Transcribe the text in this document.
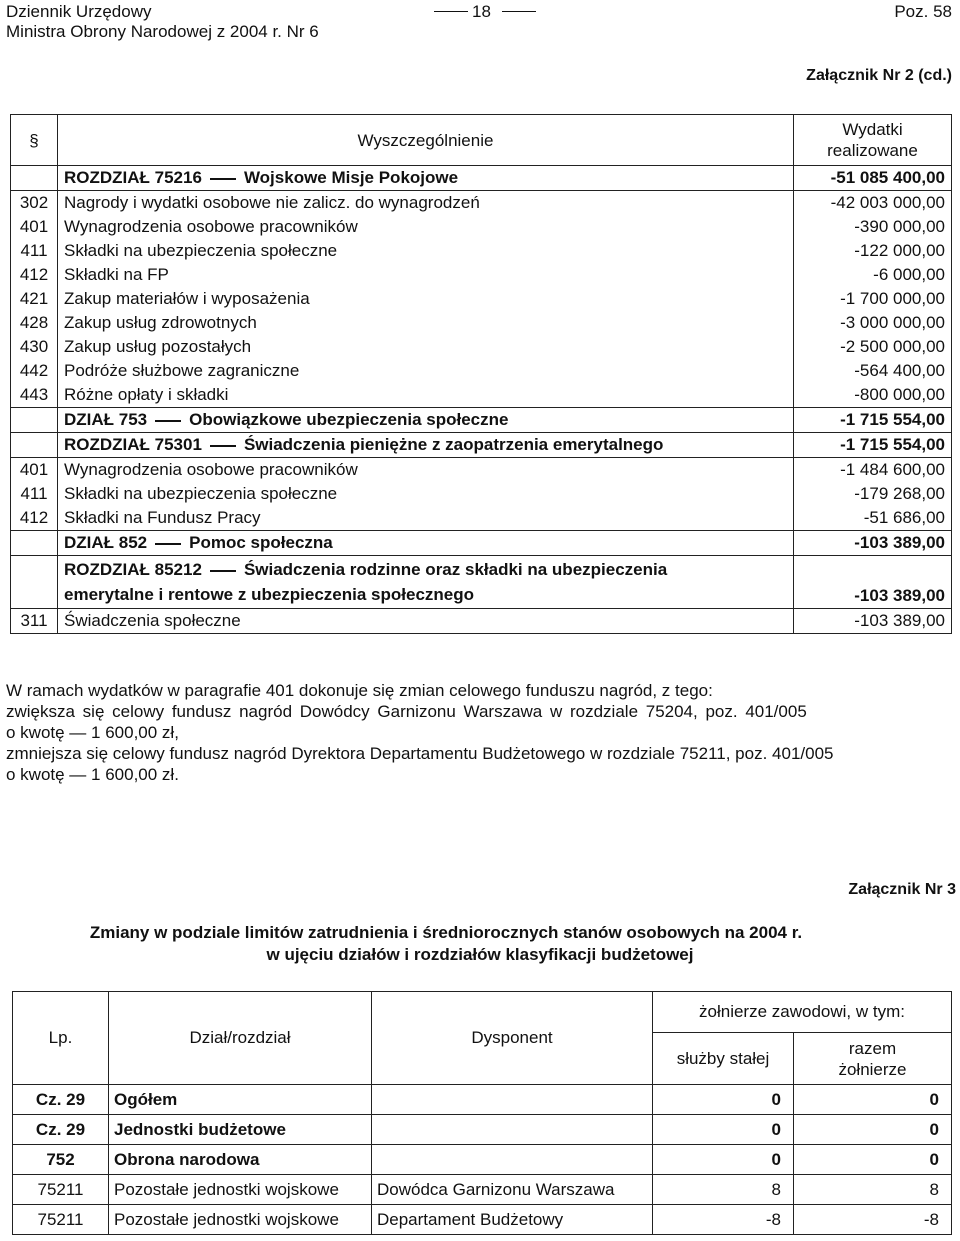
Dziennik Urzędowy
Ministra Obrony Narodowej z 2004 r. Nr 6
18	Poz. 58
Załącznik Nr 2 (cd.)
§	Wyszczególnienie	Wydatki
realizowane

	ROZDZIAŁ 75216 Wojskowe Misje Pokojowe	-51 085 400,00
302	Nagrody i wydatki osobowe nie zalicz. do wynagrodzeń	-42 003 000,00
401	Wynagrodzenia osobowe pracowników	-390 000,00
411	Składki na ubezpieczenia społeczne	-122 000,00
412	Składki na FP	-6 000,00
421	Zakup materiałów i wyposażenia	-1 700 000,00
428	Zakup usług zdrowotnych	-3 000 000,00
430	Zakup usług pozostałych	-2 500 000,00
442	Podróże służbowe zagraniczne	-564 400,00
443	Różne opłaty i składki	-800 000,00
	DZIAŁ 753 Obowiązkowe ubezpieczenia społeczne	-1 715 554,00
	ROZDZIAŁ 75301 Świadczenia pieniężne z zaopatrzenia emerytalnego	-1 715 554,00
401	Wynagrodzenia osobowe pracowników	-1 484 600,00
411	Składki na ubezpieczenia społeczne	-179 268,00
412	Składki na Fundusz Pracy	-51 686,00
	DZIAŁ 852 Pomoc społeczna	-103 389,00

	ROZDZIAŁ 85212 Świadczenia rodzinne oraz składki na ubezpieczenia
emerytalne i rentowe z ubezpieczenia społecznego	-103 389,00
311	Świadczenia społeczne	-103 389,00
W ramach wydatków w paragrafie 401 dokonuje się zmian celowego funduszu nagród, z tego:
zwiększa się celowy fundusz nagród Dowódcy Garnizonu Warszawa w rozdziale 75204, poz. 401/005
o kwotę — 1 600,00 zł,
zmniejsza się celowy fundusz nagród Dyrektora Departamentu Budżetowego w rozdziale 75211, poz. 401/005
o kwotę — 1 600,00 zł.
Załącznik Nr 3
Zmiany w podziale limitów zatrudnienia i średniorocznych stanów osobowych na 2004 r.
w ujęciu działów i rozdziałów klasyfikacji budżetowej
Lp.	Dział/rozdział	Dysponent	żołnierze zawodowi, w tym:	
			służby stałej	razem
żołnierze

Cz. 29	Ogółem		0	0
Cz. 29	Jednostki budżetowe		0	0
752	Obrona narodowa		0	0
75211	Pozostałe jednostki wojskowe	Dowódca Garnizonu Warszawa	8	8
75211	Pozostałe jednostki wojskowe	Departament Budżetowy	-8	-8
